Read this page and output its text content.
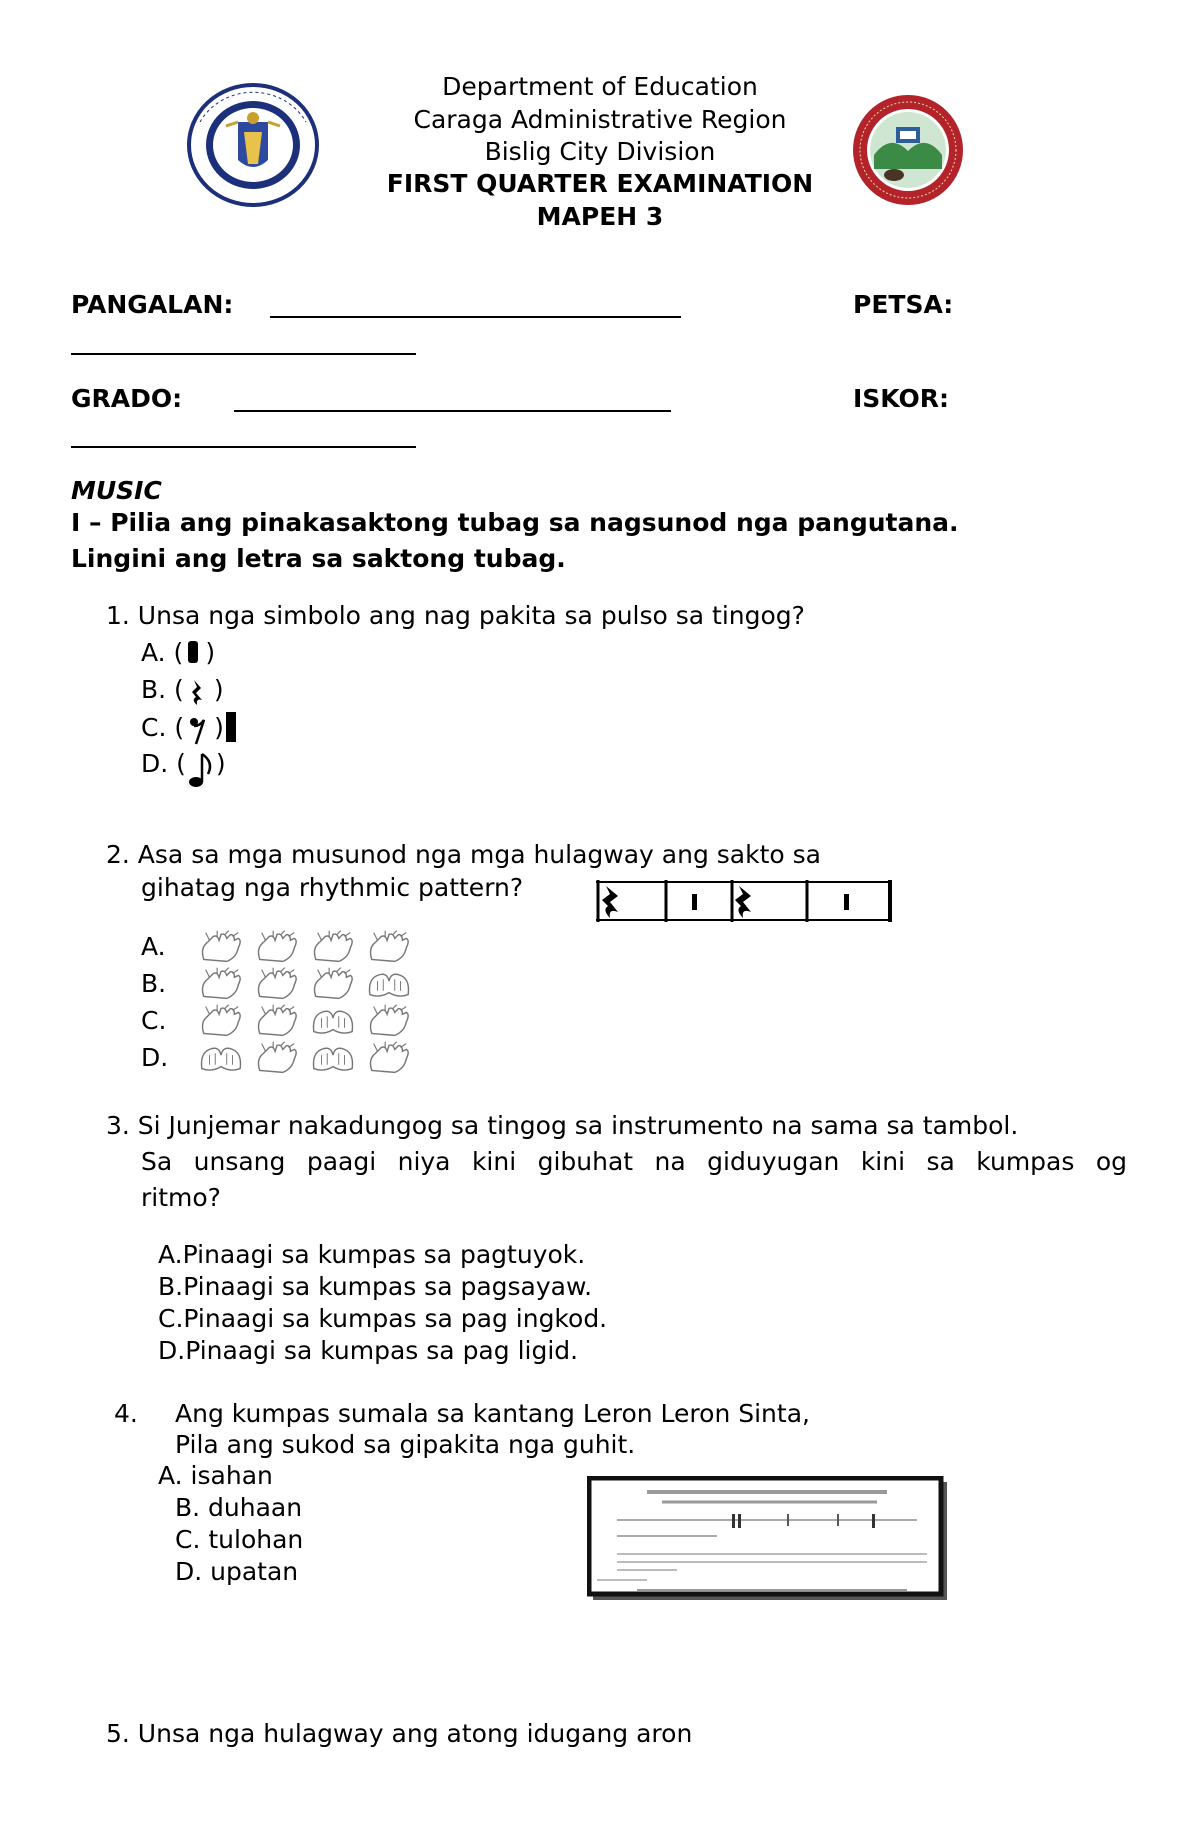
Department of Education
Caraga Administrative Region
Bislig City Division
FIRST QUARTER EXAMINATION
MAPEH 3
PANGALAN:	PETSA:
GRADO:	ISKOR:
MUSIC
I – Pilia ang pinakasaktong tubag sa nagsunod nga pangutana.
Lingini ang letra sa saktong tubag.
1. Unsa nga simbolo ang nag pakita sa pulso sa tingog?
A. ( )
B. ( )
C. ( )
D. ( )
2. Asa sa mga musunod nga mga hulagway ang sakto sa
gihatag nga rhythmic pattern?
A.
B.
C.
D.
3. Si Junjemar nakadungog sa tingog sa instrumento na sama sa tambol.
Sa unsang paagi niya kini gibuhat na giduyugan kini sa kumpas og
ritmo?
A.Pinaagi sa kumpas sa pagtuyok.
B.Pinaagi sa kumpas sa pagsayaw.
C.Pinaagi sa kumpas sa pag ingkod.
D.Pinaagi sa kumpas sa pag ligid.
4. Ang kumpas sumala sa kantang Leron Leron Sinta,
Pila ang sukod sa gipakita nga guhit.
A. isahan
B. duhaan
C. tulohan
D. upatan
5. Unsa nga hulagway ang atong idugang aron
